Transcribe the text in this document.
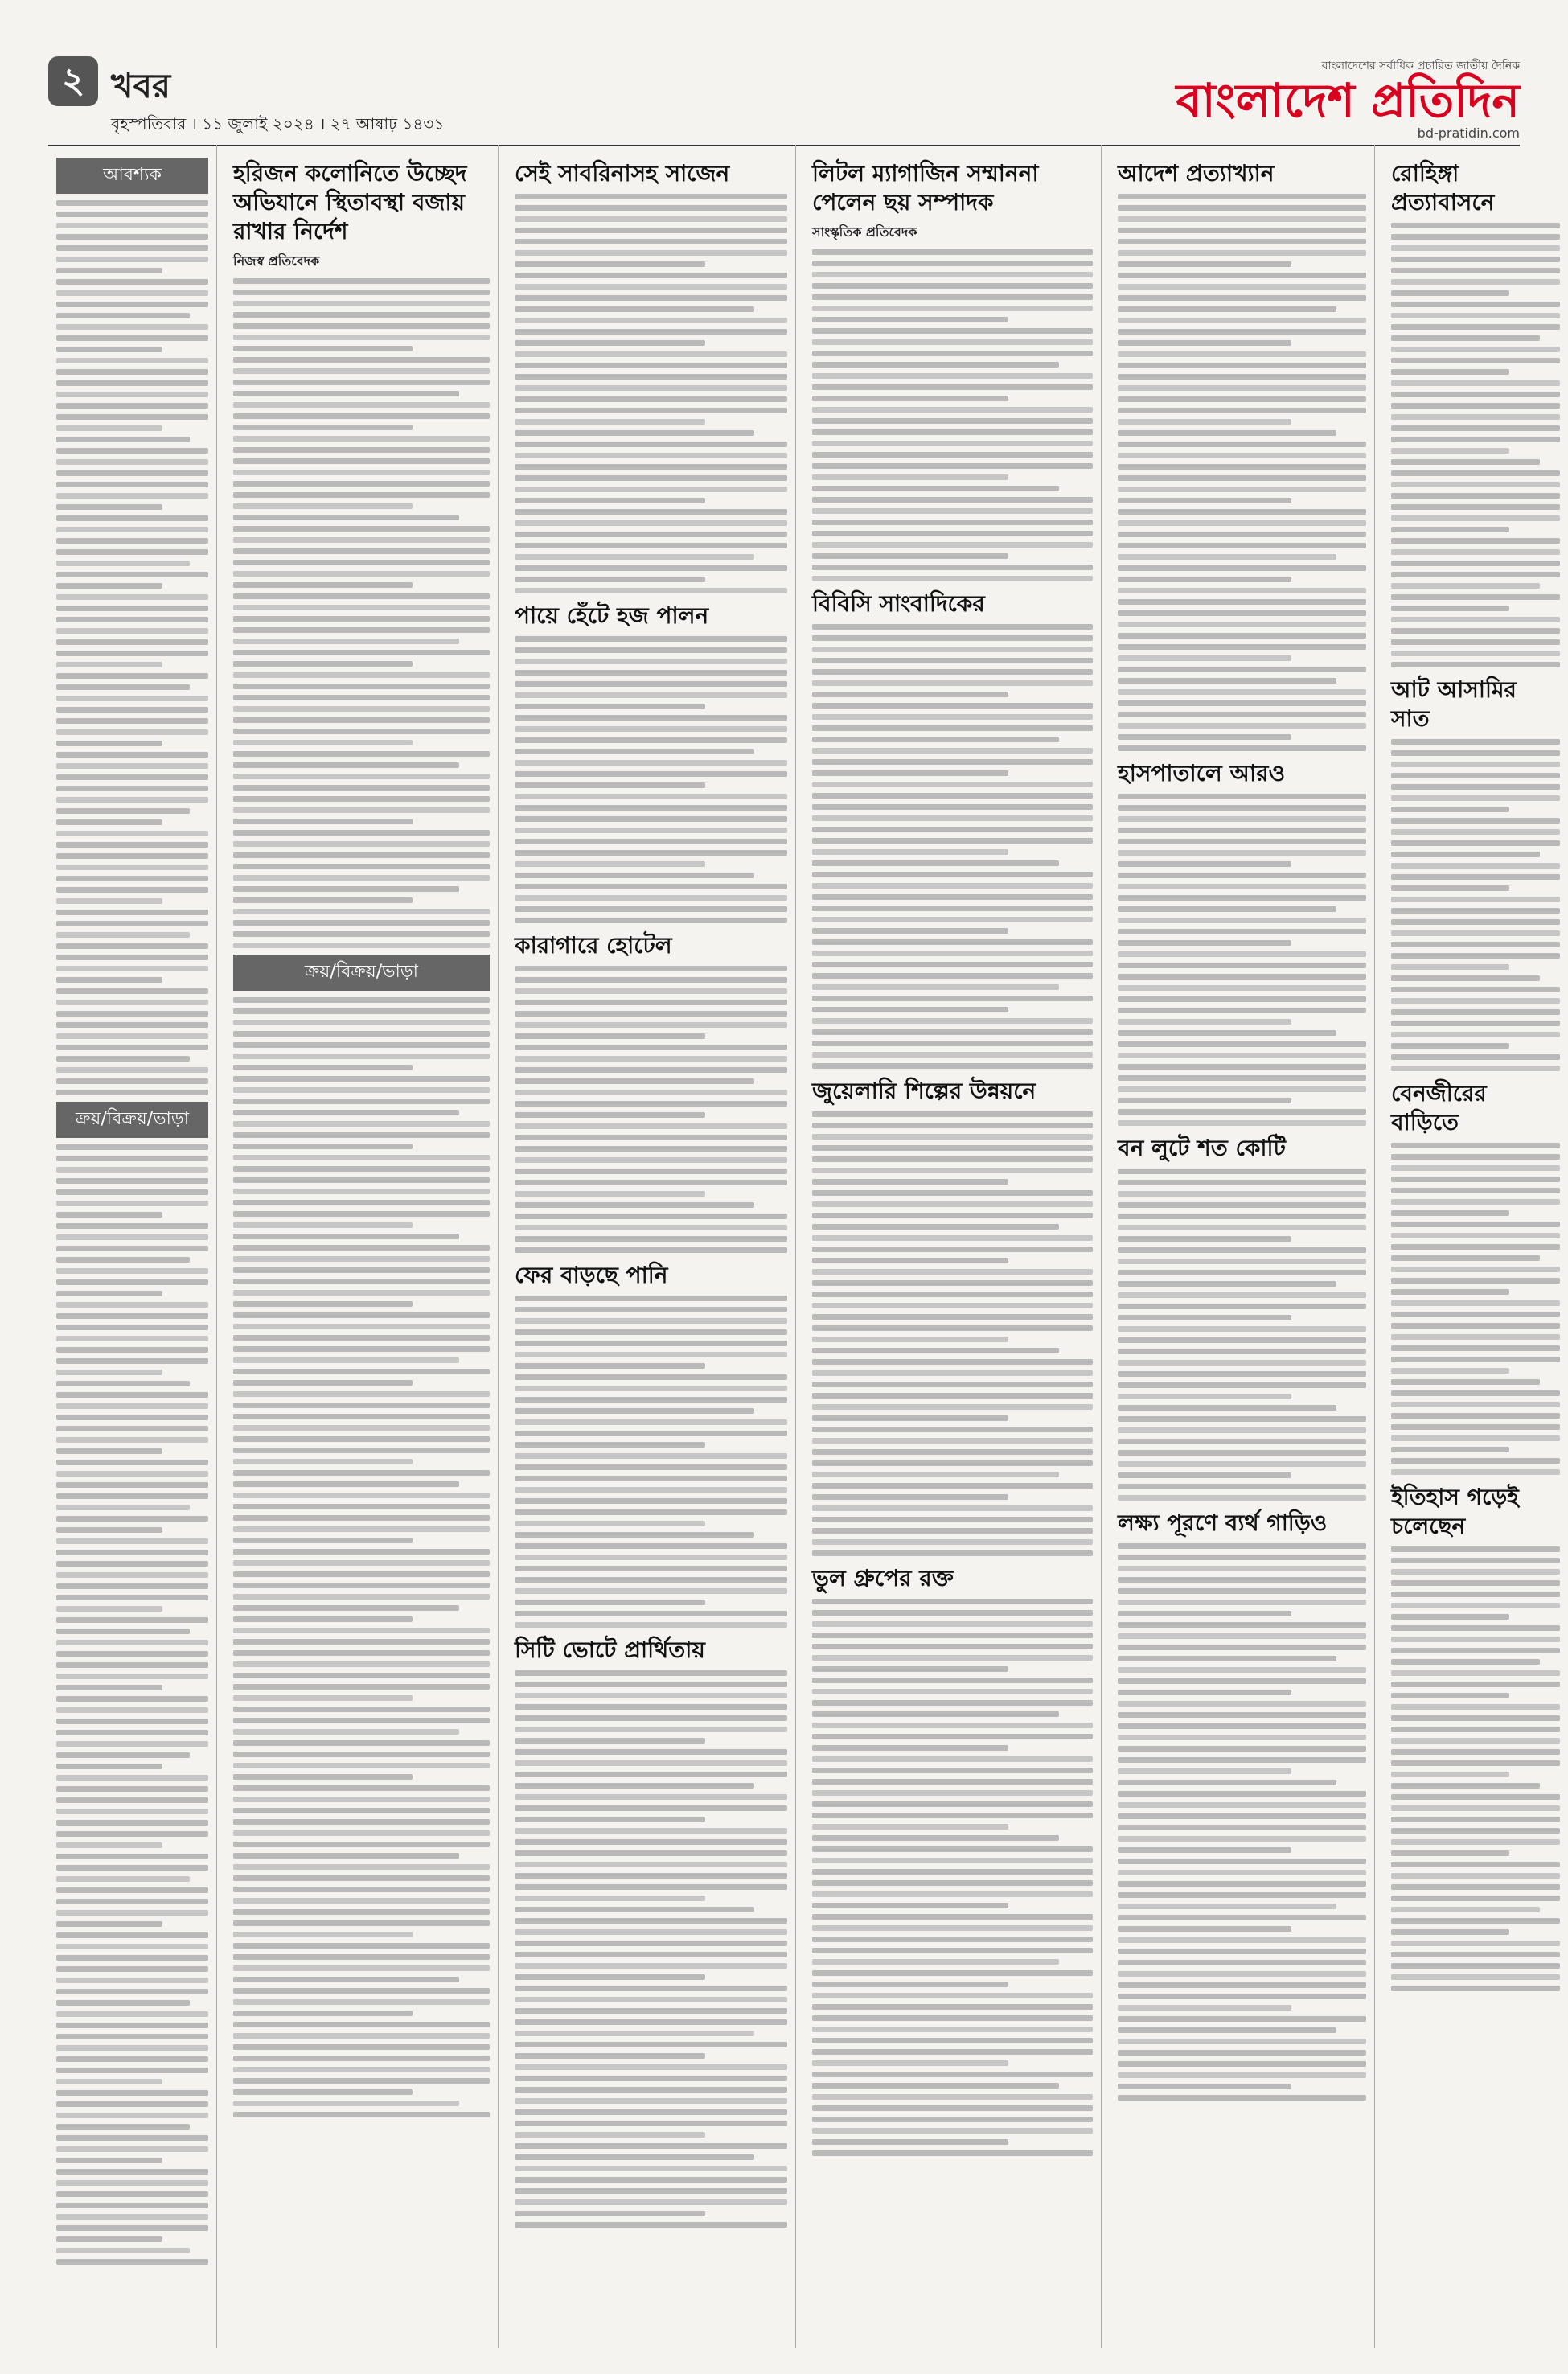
২ খবর
বৃহস্পতিবার । ১১ জুলাই ২০২৪ । ২৭ আষাঢ় ১৪৩১
বাংলাদেশের সর্বাধিক প্রচারিত জাতীয় দৈনিক
বাংলাদেশ প্রতিদিন
bd-pratidin.com
আবশ্যক
ক্রয়/বিক্রয়/ভাড়া
হরিজন কলোনিতে উচ্ছেদ অভিযানে স্থিতাবস্থা বজায় রাখার নির্দেশ
নিজস্ব প্রতিবেদক
ক্রয়/বিক্রয়/ভাড়া
সেই সাবরিনাসহ সাজেন
পায়ে হেঁটে হজ পালন
কারাগারে হোটেল
ফের বাড়ছে পানি
সিটি ভোটে প্রার্থিতায়
লিটল ম্যাগাজিন সম্মাননা পেলেন ছয় সম্পাদক
সাংস্কৃতিক প্রতিবেদক
বিবিসি সাংবাদিকের
জুয়েলারি শিল্পের উন্নয়নে
ভুল গ্রুপের রক্ত
আদেশ প্রত্যাখ্যান
হাসপাতালে আরও
বন লুটে শত কোটি
লক্ষ্য পূরণে ব্যর্থ গাড়িও
রোহিঙ্গা প্রত্যাবাসনে
আট আসামির সাত
বেনজীরের বাড়িতে
ইতিহাস গড়েই চলেছেন
